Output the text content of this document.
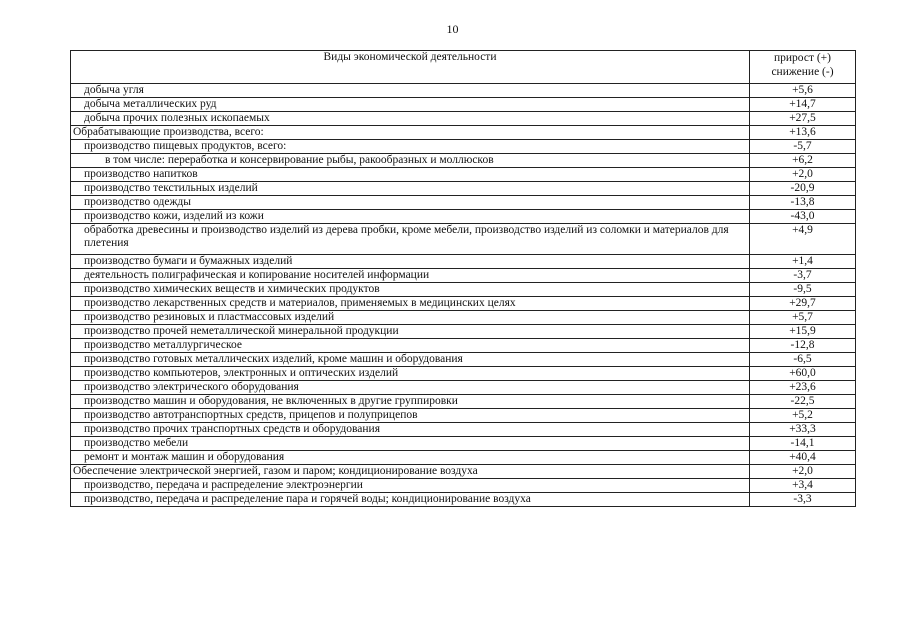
10
Виды экономической деятельности	прирост (+)
снижение (-)
добыча угля	+5,6
добыча металлических руд	+14,7
добыча прочих полезных ископаемых	+27,5
Обрабатывающие производства, всего:	+13,6
производство пищевых продуктов, всего:	-5,7
в том числе: переработка и консервирование рыбы, ракообразных и моллюсков	+6,2
производство напитков	+2,0
производство текстильных изделий	-20,9
производство одежды	-13,8
производство кожи, изделий из кожи	-43,0
обработка древесины и производство изделий из дерева пробки, кроме мебели, производство изделий из соломки и материалов для плетения	+4,9
производство бумаги и бумажных изделий	+1,4
деятельность полиграфическая и копирование носителей информации	-3,7
производство химических веществ и химических продуктов	-9,5
производство лекарственных средств и материалов, применяемых в медицинских целях	+29,7
производство резиновых и пластмассовых изделий	+5,7
производство прочей неметаллической минеральной продукции	+15,9
производство металлургическое	-12,8
производство готовых металлических изделий, кроме машин и оборудования	-6,5
производство компьютеров, электронных и оптических изделий	+60,0
производство электрического оборудования	+23,6
производство машин и оборудования, не включенных в другие группировки	-22,5
производство автотранспортных средств, прицепов и полуприцепов	+5,2
производство прочих транспортных средств и оборудования	+33,3
производство мебели	-14,1
ремонт и монтаж машин и оборудования	+40,4
Обеспечение электрической энергией, газом и паром; кондиционирование воздуха	+2,0
производство, передача и распределение электроэнергии	+3,4
производство, передача и распределение пара и горячей воды; кондиционирование воздуха	-3,3
